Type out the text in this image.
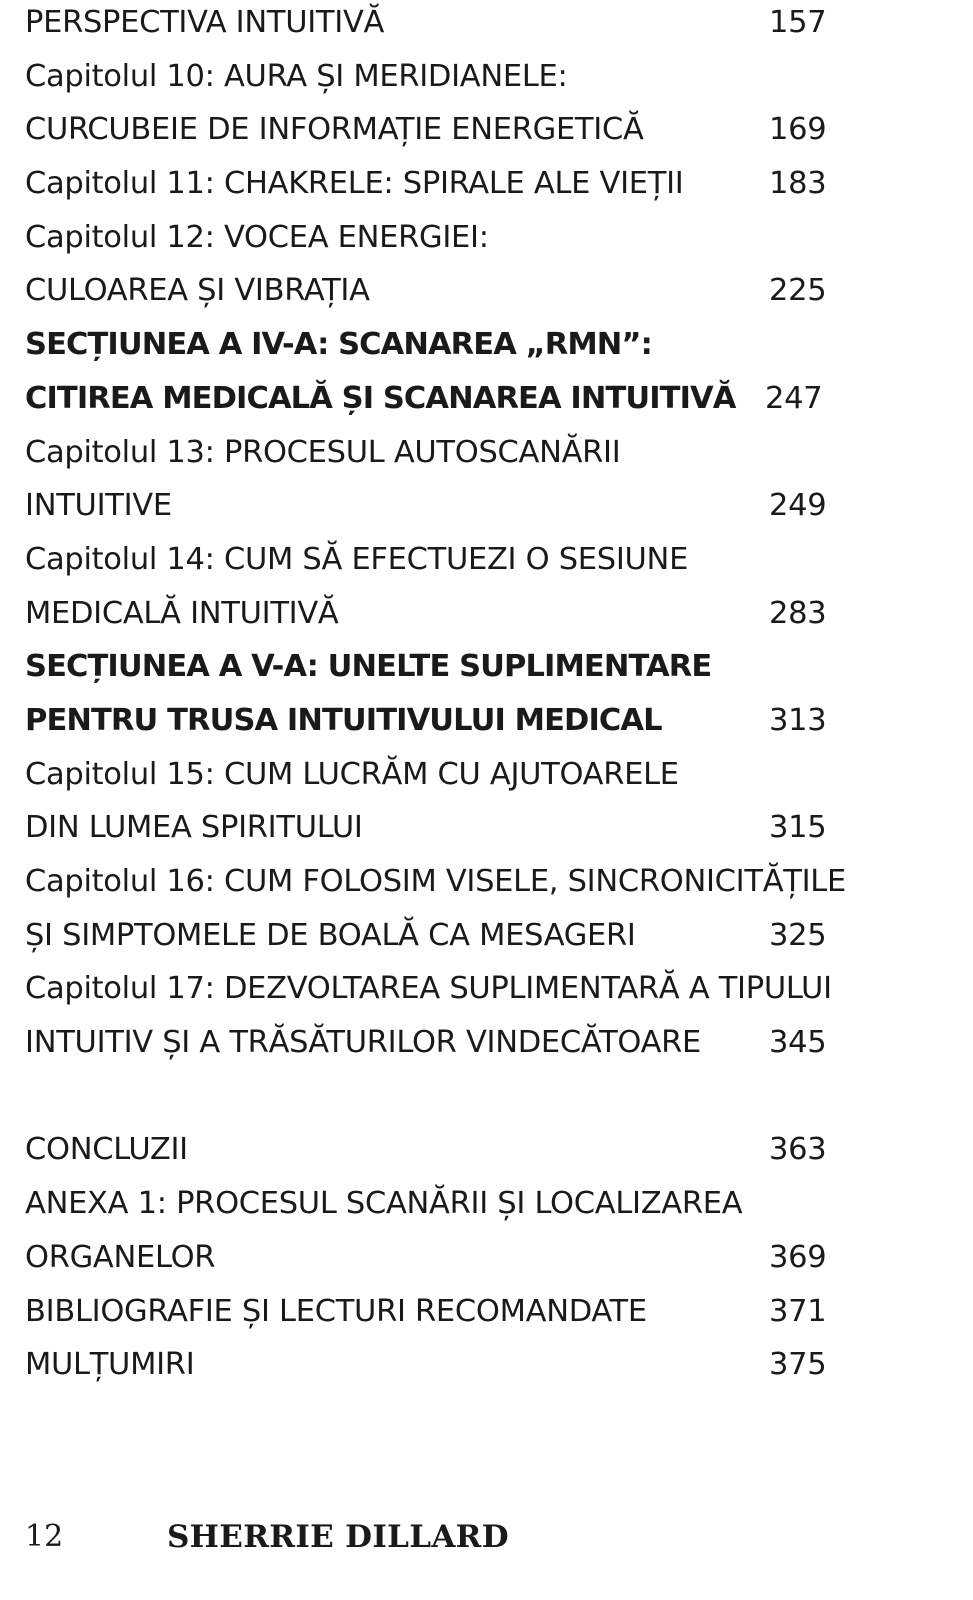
PERSPECTIVA INTUITIVĂ	157
Capitolul 10: AURA ȘI MERIDIANELE:
CURCUBEIE DE INFORMAȚIE ENERGETICĂ	169
Capitolul 11: CHAKRELE: SPIRALE ALE VIEȚII	183
Capitolul 12: VOCEA ENERGIEI:
CULOAREA ȘI VIBRAȚIA	225
SECȚIUNEA A IV-A: SCANAREA „RMN”:
CITIREA MEDICALĂ ȘI SCANAREA INTUITIVĂ 247
Capitolul 13: PROCESUL AUTOSCANĂRII
INTUITIVE	249
Capitolul 14: CUM SĂ EFECTUEZI O SESIUNE
MEDICALĂ INTUITIVĂ	283
SECȚIUNEA A V-A: UNELTE SUPLIMENTARE
PENTRU TRUSA INTUITIVULUI MEDICAL	313
Capitolul 15: CUM LUCRĂM CU AJUTOARELE
DIN LUMEA SPIRITULUI	315
Capitolul 16: CUM FOLOSIM VISELE, SINCRONICITĂȚILE
ȘI SIMPTOMELE DE BOALĂ CA MESAGERI	325
Capitolul 17: DEZVOLTAREA SUPLIMENTARĂ A TIPULUI
INTUITIV ȘI A TRĂSĂTURILOR VINDECĂTOARE 345
CONCLUZII	363
ANEXA 1: PROCESUL SCANĂRII ȘI LOCALIZAREA
ORGANELOR	369
BIBLIOGRAFIE ȘI LECTURI RECOMANDATE	371
MULȚUMIRI	375
12	SHERRIE DILLARD
